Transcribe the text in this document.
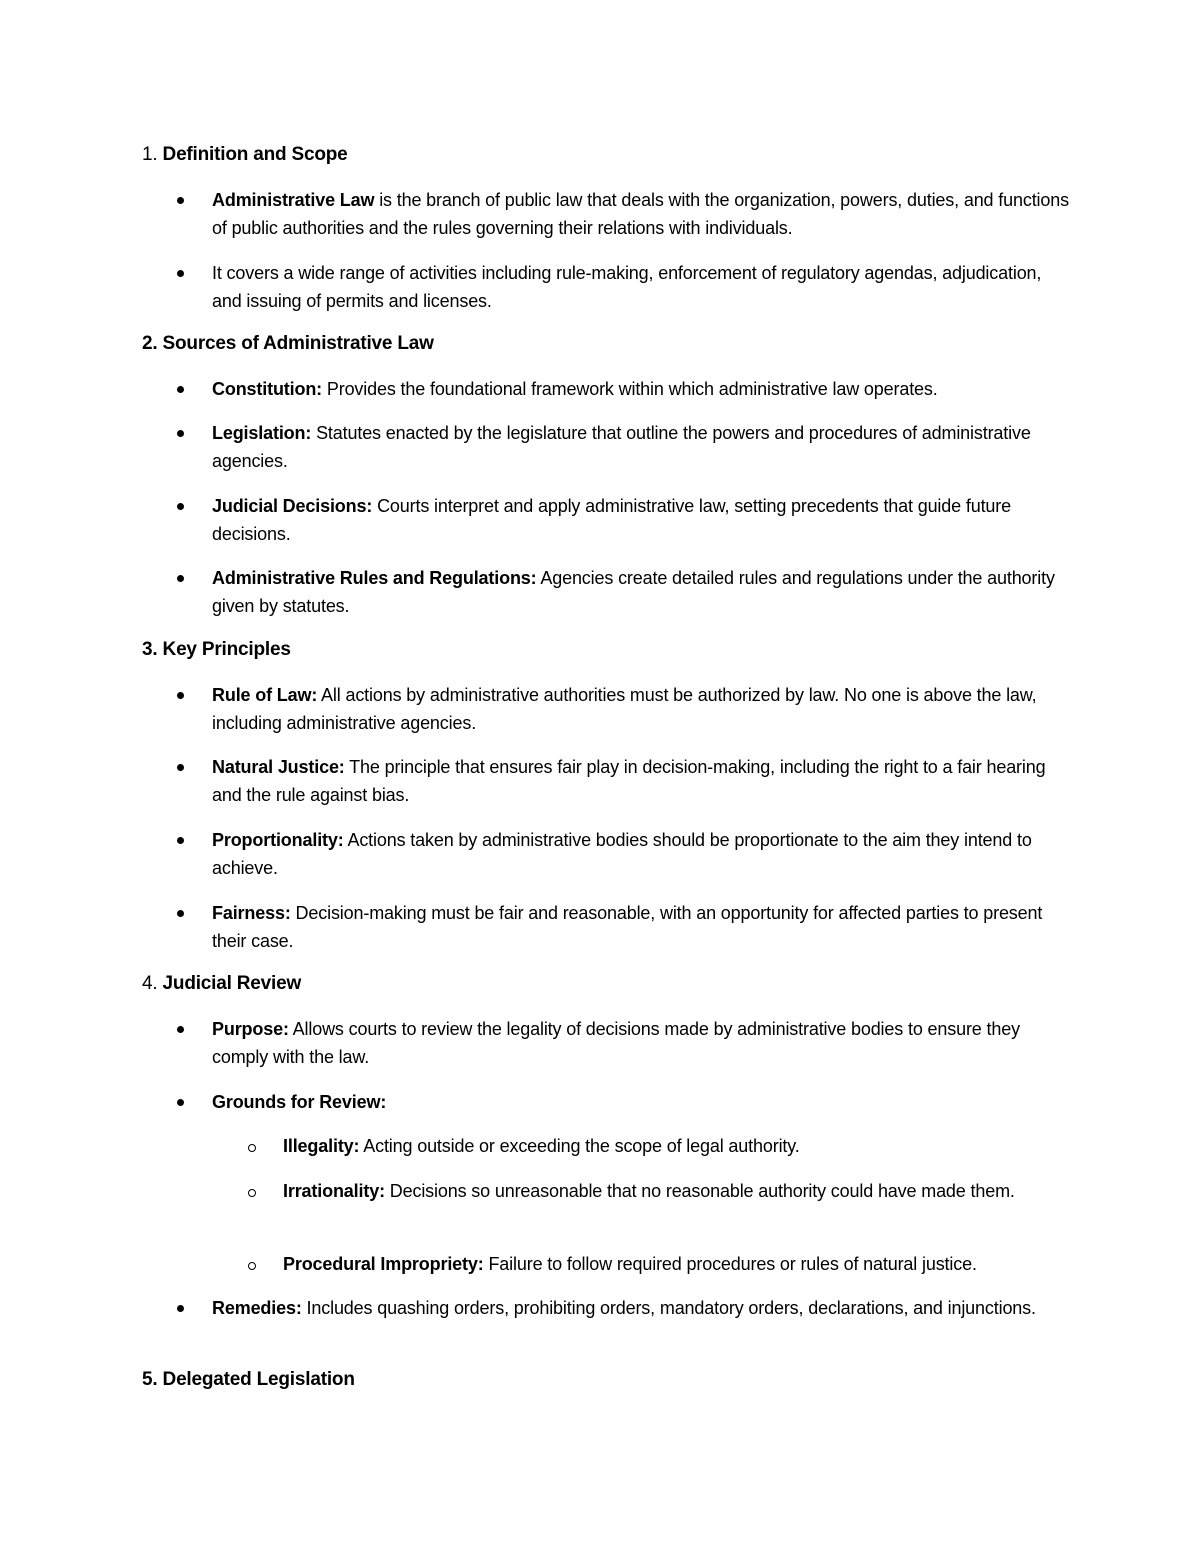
1. Definition and Scope
Administrative Law is the branch of public law that deals with the organization, powers, duties, and functions of public authorities and the rules governing their relations with individuals.
It covers a wide range of activities including rule-making, enforcement of regulatory agendas, adjudication, and issuing of permits and licenses.
2. Sources of Administrative Law
Constitution: Provides the foundational framework within which administrative law operates.
Legislation: Statutes enacted by the legislature that outline the powers and procedures of administrative agencies.
Judicial Decisions: Courts interpret and apply administrative law, setting precedents that guide future decisions.
Administrative Rules and Regulations: Agencies create detailed rules and regulations under the authority given by statutes.
3. Key Principles
Rule of Law: All actions by administrative authorities must be authorized by law. No one is above the law, including administrative agencies.
Natural Justice: The principle that ensures fair play in decision-making, including the right to a fair hearing and the rule against bias.
Proportionality: Actions taken by administrative bodies should be proportionate to the aim they intend to achieve.
Fairness: Decision-making must be fair and reasonable, with an opportunity for affected parties to present their case.
4. Judicial Review
Purpose: Allows courts to review the legality of decisions made by administrative bodies to ensure they comply with the law.
Grounds for Review:
Illegality: Acting outside or exceeding the scope of legal authority.
Irrationality: Decisions so unreasonable that no reasonable authority could have made them.
Procedural Impropriety: Failure to follow required procedures or rules of natural justice.
Remedies: Includes quashing orders, prohibiting orders, mandatory orders, declarations, and injunctions.
5. Delegated Legislation
